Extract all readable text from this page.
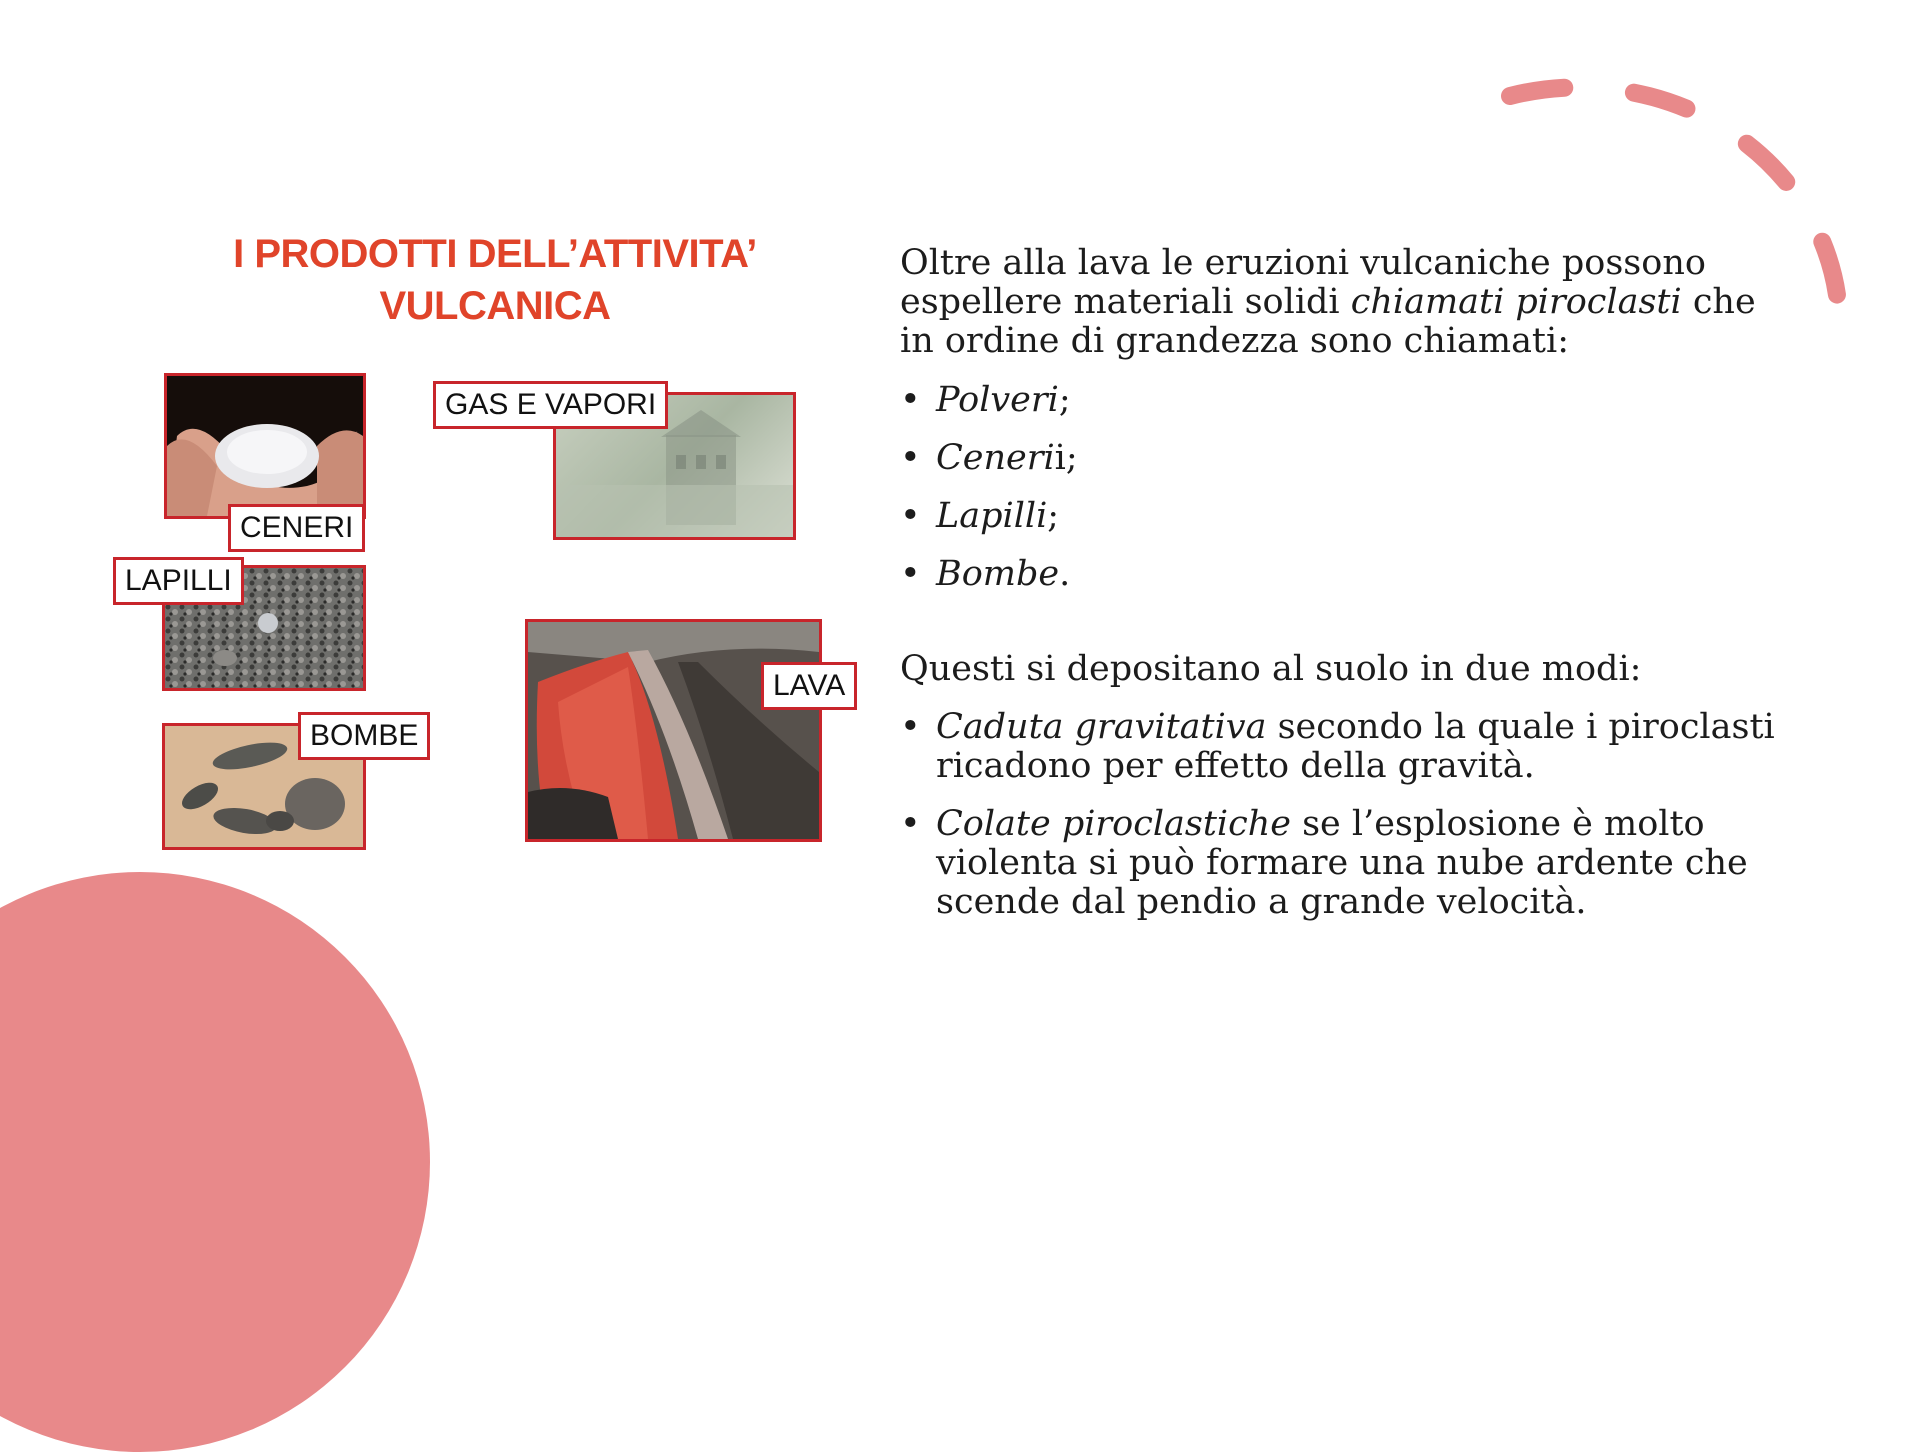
I PRODOTTI DELL’ATTIVITA’
VULCANICA
CENERI
GAS E VAPORI
LAPILLI
BOMBE
LAVA

Oltre alla lava le eruzioni vulcaniche possono espellere materiali solidi chiamati piroclasti che in ordine di grandezza sono chiamati:

• Polveri;
• Cenerii;
• Lapilli;
• Bombe.

Questi si depositano al suolo in due modi:

• Caduta gravitativa secondo la quale i piroclasti ricadono per effetto della gravità.
• Colate piroclastiche se l’esplosione è molto violenta si può formare una nube ardente che scende dal pendio a grande velocità.
